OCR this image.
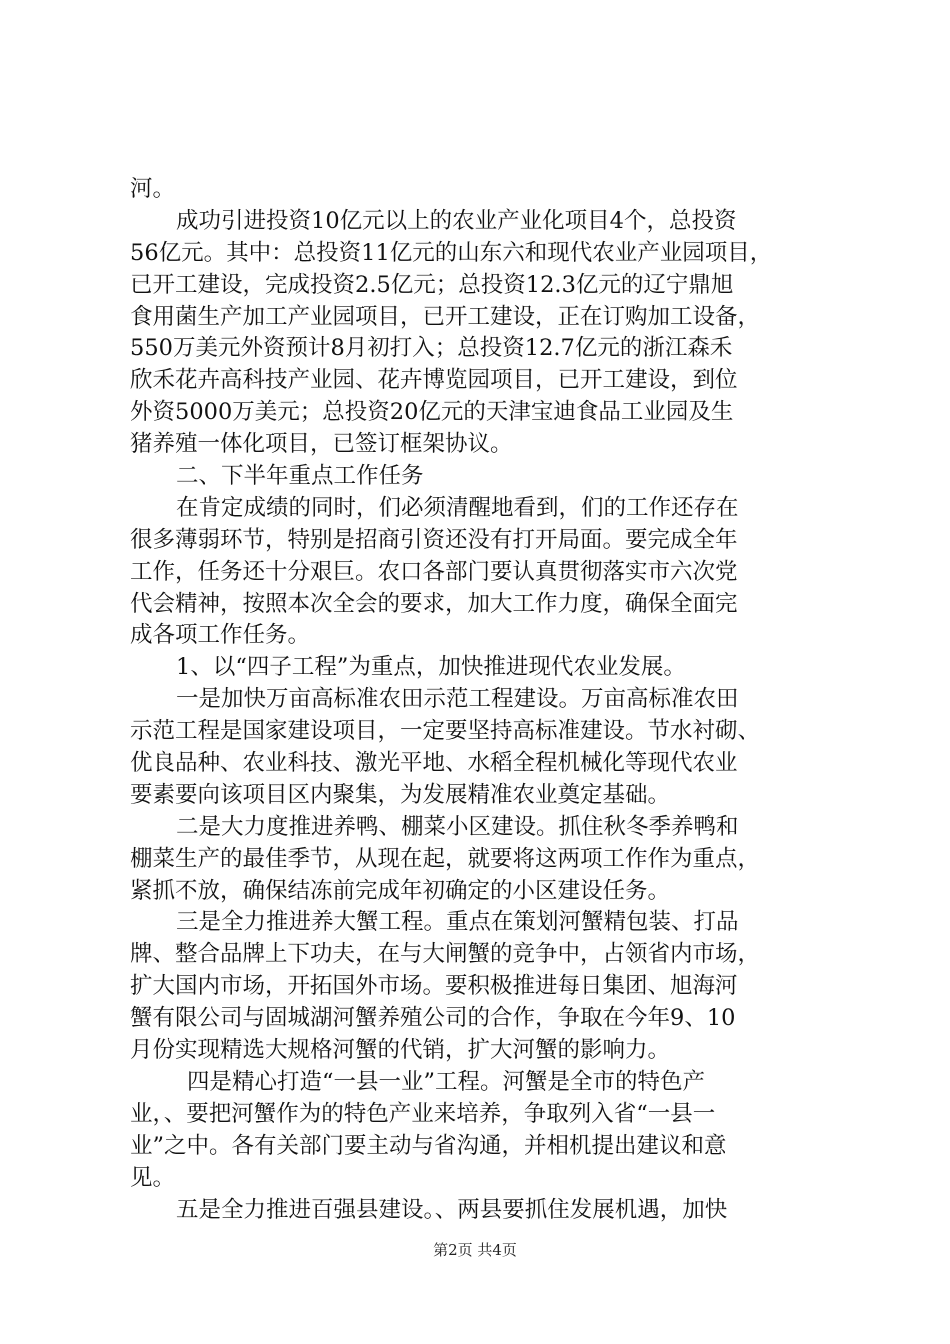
河。
成功引进投资10亿元以上的农业产业化项目4个，总投资
56亿元。其中：总投资11亿元的山东六和现代农业产业园项目，
已开工建设，完成投资2.5亿元；总投资12.3亿元的辽宁鼎旭
食用菌生产加工产业园项目，已开工建设，正在订购加工设备，
550万美元外资预计8月初打入；总投资12.7亿元的浙江森禾
欣禾花卉高科技产业园、花卉博览园项目，已开工建设，到位
外资5000万美元；总投资20亿元的天津宝迪食品工业园及生
猪养殖一体化项目，已签订框架协议。
二、下半年重点工作任务
在肯定成绩的同时，们必须清醒地看到，们的工作还存在
很多薄弱环节，特别是招商引资还没有打开局面。要完成全年
工作，任务还十分艰巨。农口各部门要认真贯彻落实市六次党
代会精神，按照本次全会的要求，加大工作力度，确保全面完
成各项工作任务。
1、以“四子工程”为重点，加快推进现代农业发展。
一是加快万亩高标准农田示范工程建设。万亩高标准农田
示范工程是国家建设项目，一定要坚持高标准建设。节水衬砌、
优良品种、农业科技、激光平地、水稻全程机械化等现代农业
要素要向该项目区内聚集，为发展精准农业奠定基础。
二是大力度推进养鸭、棚菜小区建设。抓住秋冬季养鸭和
棚菜生产的最佳季节，从现在起，就要将这两项工作作为重点，
紧抓不放，确保结冻前完成年初确定的小区建设任务。
三是全力推进养大蟹工程。重点在策划河蟹精包装、打品
牌、整合品牌上下功夫，在与大闸蟹的竞争中，占领省内市场，
扩大国内市场，开拓国外市场。要积极推进每日集团、旭海河
蟹有限公司与固城湖河蟹养殖公司的合作，争取在今年9、10
月份实现精选大规格河蟹的代销，扩大河蟹的影响力。
四是精心打造“一县一业”工程。河蟹是全市的特色产
业，、要把河蟹作为的特色产业来培养，争取列入省“一县一
业”之中。各有关部门要主动与省沟通，并相机提出建议和意
见。
五是全力推进百强县建设。、两县要抓住发展机遇，加快
第2页 共4页
